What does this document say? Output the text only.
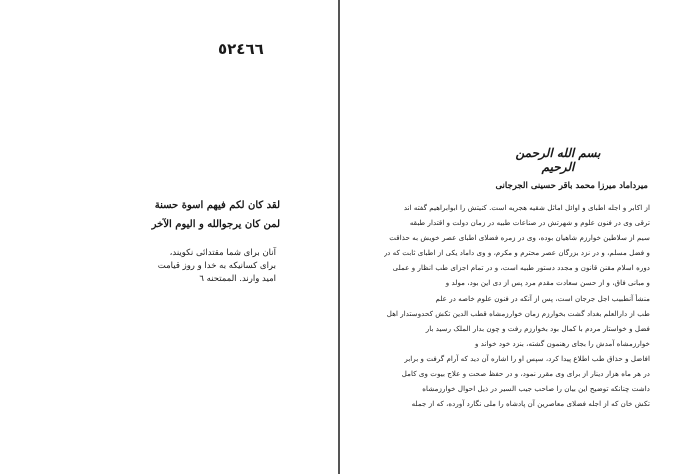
٥٢٤٦٦
لقد کان لکم فیهم اسوة حسنة
لمن کان یرجوالله و الیوم الآخر
آنان برای شما مقتدائی نکویند،
برای کسانیکه به خدا و روز قیامت
امید وارند. الممتحنه ٦
بسم الله الرحمن الرحیم
میرداماد میرزا محمد باقر حسینی الجرجانی
از اکابر و اجله اطبای و اوائل اماثل شقیه هجریه است. کنیتش را ابوابراهیم گفته اند
ترقی وی در فنون علوم و شهرتش در صناعات طبیه در زمان دولت و اقتدار طبقه
سیم از سلاطین خوارزم شاهیان بوده، وی در زمره فضلای اطبای عصر خویش به حذاقت
و فضل مسلم، و در نزد بزرگان عصر محترم و مکرم، و وی داماد یکی از اطبای ثابت که در
دوره اسلام مقنن قانون و مجدد دستور طبیه است، و در تمام اجزای طب انظار و عملی
و مبانی فاق، و از حسن سعادت مقدم مرد پس از دی این بود، مولد و
منشأ آنطبیب اجل جرجان است، پس از آنکه در فنون علوم خاصه در علم
طب از دارالعلم بغداد گشت بخوارزم زمان خوارزمشاه قطب الدین تکش کحدوستدار اهل
فضل و خواستار مردم با کمال بود بخوارزم رفت و چون بدار الملک رسید بار
خوارزمشاه آمدش را بجای رهنمون گشته، بنزد خود خواند و
افاضل و حذاق طب اطلاع پیدا کرد، سپس او را اشاره آن دید که آرام گرفت و برابر
در هر ماه هزار دینار از برای وی مقرر نمود، و در حفظ صحت و علاج بیوت وی کامل
داشت چنانکه توضیح این بیان را صاحب جیب السیر در ذیل احوال خوارزمشاه
تکش خان که از اجله فضلای معاصرین آن پادشاه را ملی نگارد آورده، که از جمله
